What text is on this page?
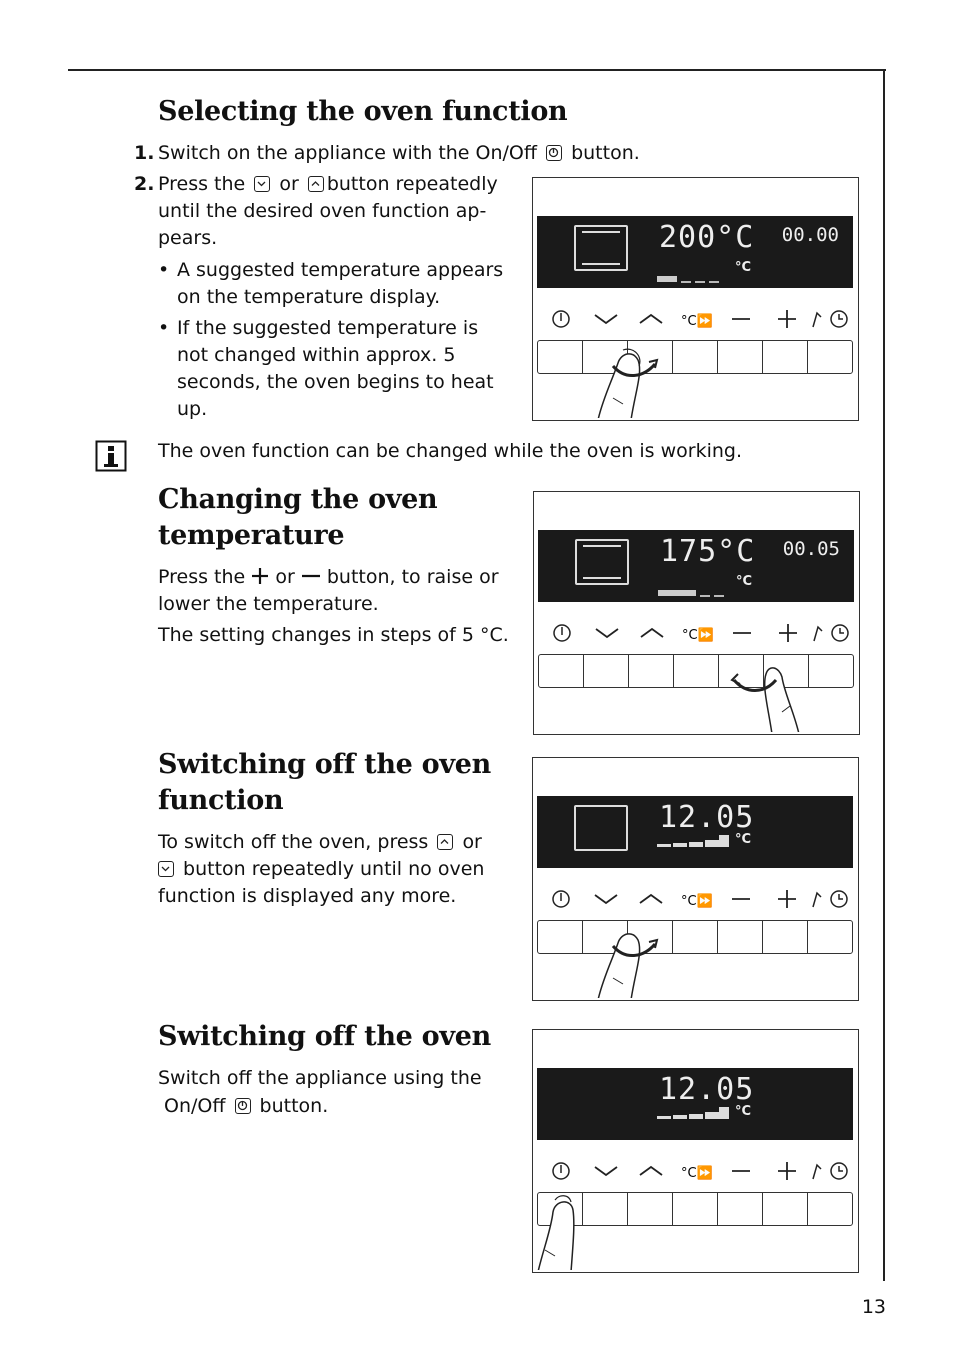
Selecting the oven function
1. Switch on the appliance with the On/Off button.
2. Press the or button repeatedly
until the desired oven function ap-
pears.
• A suggested temperature appears
on the temperature display.
• If the suggested temperature is
not changed within approx. 5
seconds, the oven begins to heat
up.
The oven function can be changed while the oven is working.
Changing the oven
temperature
Press the or button, to raise or
lower the temperature.
The setting changes in steps of 5 °C.
Switching off the oven
function
To switch off the oven, press or
button repeatedly until no oven
function is displayed any more.
Switching off the oven
Switch off the appliance using the
On/Off button.
200°C 00.00
°C
°C⏩
175°C 00.05
°C
°C⏩
12.05
°C
°C⏩
12.05
°C
°C⏩
13
